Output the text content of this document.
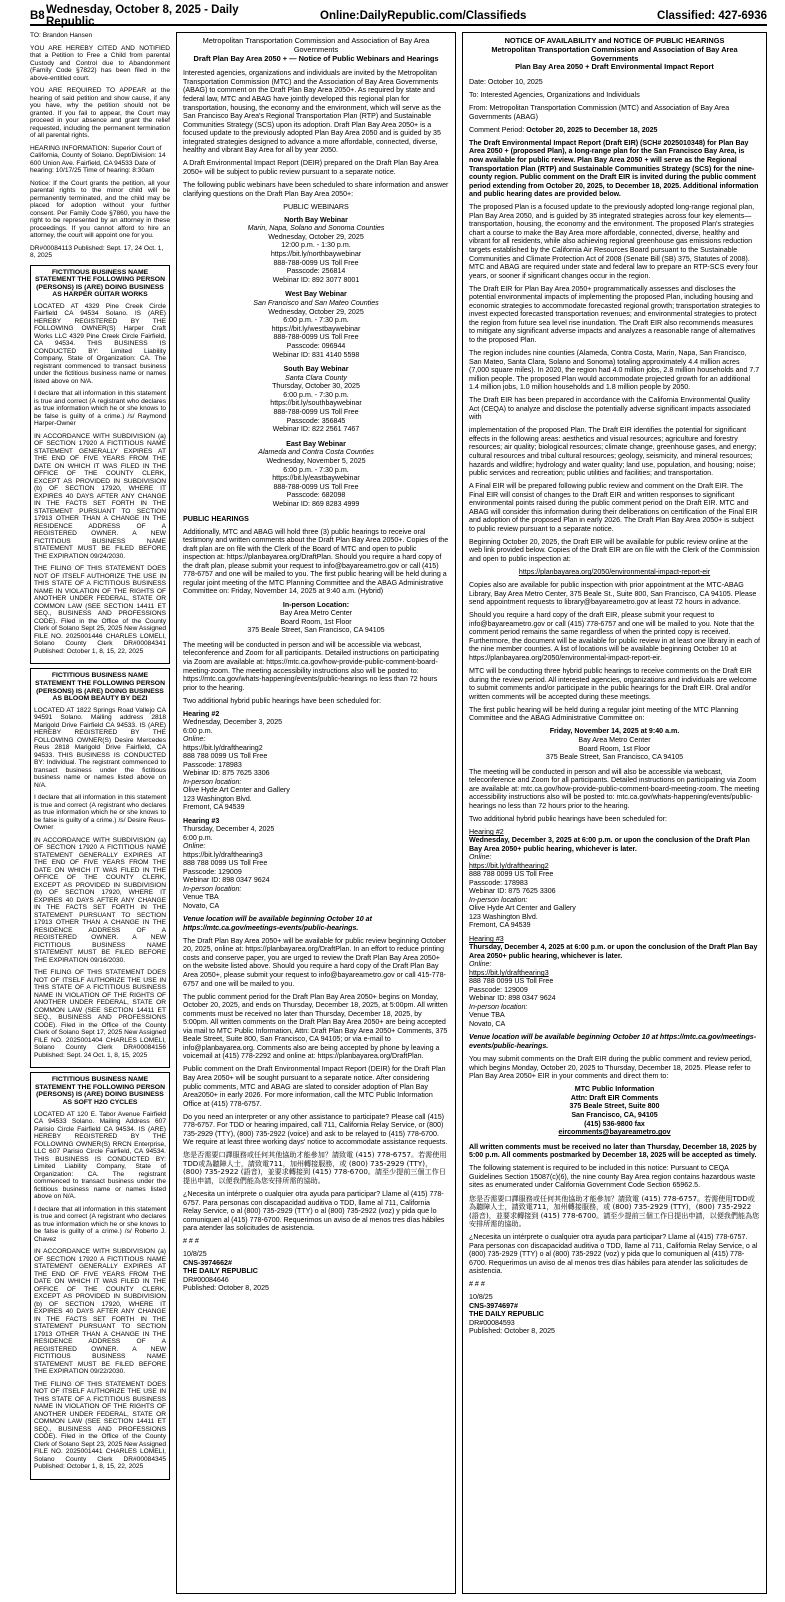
B8 Wednesday, October 8, 2025 - Daily Republic	Online:DailyRepublic.com/Classifieds	Classified: 427-6936

TO: Brandon Hansen

YOU ARE HEREBY CITED AND NOTIFIED that a Petition to Free a Child from parental Custody and Control due to Abandonment (Family Code §7822) has been filed in the above-entitled court.

YOU ARE REQUIRED TO APPEAR at the hearing of said petition and show cause, if any you have, why the petition should not be granted. If you fail to appear, the Court may proceed in your absence and grant the relief requested, including the permanent termination of all parental rights.

HEARING INFORMATION: Superior Court of California, County of Solano. Dept/Division: 14 600 Union Ave. Fairfield, CA 94533 Date of hearing: 10/17/25 Time of hearing: 8:30am

Notice: If the Court grants the petition, all your parental rights to the minor child will be permanently terminated, and the child may be placed for adoption without your further consent. Per Family Code §7860, you have the right to be represented by an attorney in these proceedings. If you cannot afford to hire an attorney, the court will appoint one for you.

DR#00084113 Published: Sept. 17, 24 Oct. 1, 8, 2025

FICTITIOUS BUSINESS NAME STATEMENT THE FOLLOWING PERSON (PERSONS) IS (ARE) DOING BUSINESS AS HARPER GUITAR WORKS

LOCATED AT 4329 Pine Creek Circle Fairfield CA 94534 Solano. IS (ARE) HEREBY REGISTERED BY THE FOLLOWING OWNER(S) Harper Craft Works LLC 4329 Pine Creek Circle Fairfield, CA 94534. THIS BUSINESS IS CONDUCTED BY: Limited Liability Company, State of Organization: CA. The registrant commenced to transact business under the fictitious business name or names listed above on N/A.

I declare that all information in this statement is true and correct (A registrant who declares as true information which he or she knows to be false is guilty of a crime.) /s/ Raymond Harper-Owner

IN ACCORDANCE WITH SUBDIVISION (a) OF SECTION 17920 A FICTITIOUS NAME STATEMENT GENERALLY EXPIRES AT THE END OF FIVE YEARS FROM THE DATE ON WHICH IT WAS FILED IN THE OFFICE OF THE COUNTY CLERK, EXCEPT AS PROVIDED IN SUBDIVISION (b) OF SECTION 17920, WHERE IT EXPIRES 40 DAYS AFTER ANY CHANGE IN THE FACTS SET FORTH IN THE STATEMENT PURSUANT TO SECTION 17913 OTHER THAN A CHANGE IN THE RESIDENCE ADDRESS OF A REGISTERED OWNER. A NEW FICTITIOUS BUSINESS NAME STATEMENT MUST BE FILED BEFORE THE EXPIRATION 09/24/2030.

THE FILING OF THIS STATEMENT DOES NOT OF ITSELF AUTHORIZE THE USE IN THIS STATE OF A FICTITIOUS BUSINESS NAME IN VIOLATION OF THE RIGHTS OF ANOTHER UNDER FEDERAL, STATE OR COMMON LAW (SEE SECTION 14411 ET SEQ., BUSINESS AND PROFESSIONS CODE). Filed in the Office of the County Clerk of Solano Sept 25, 2025 New Assigned FILE NO. 2025001446 CHARLES LOMELI, Solano County Clerk DR#00084341 Published: October 1, 8, 15, 22, 2025

FICTITIOUS BUSINESS NAME STATEMENT THE FOLLOWING PERSON (PERSONS) IS (ARE) DOING BUSINESS AS BLOOM BEAUTY BY DEZI

LOCATED AT 1822 Springs Road Vallejo CA 94591 Solano. Mailing address 2818 Marigold Drive Fairfield CA 94533. IS (ARE) HEREBY REGISTERED BY THE FOLLOWING OWNER(S) Desire Mercedes Reus 2818 Marigold Drive Fairfield, CA 94533. THIS BUSINESS IS CONDUCTED BY: Individual. The registrant commenced to transact business under the fictitious business name or names listed above on N/A.

I declare that all information in this statement is true and correct (A registrant who declares as true information which he or she knows to be false is guilty of a crime.) /s/ Desire Reus-Owner

IN ACCORDANCE WITH SUBDIVISION (a) OF SECTION 17920 A FICTITIOUS NAME STATEMENT GENERALLY EXPIRES AT THE END OF FIVE YEARS FROM THE DATE ON WHICH IT WAS FILED IN THE OFFICE OF THE COUNTY CLERK, EXCEPT AS PROVIDED IN SUBDIVISION (b) OF SECTION 17920, WHERE IT EXPIRES 40 DAYS AFTER ANY CHANGE IN THE FACTS SET FORTH IN THE STATEMENT PURSUANT TO SECTION 17913 OTHER THAN A CHANGE IN THE RESIDENCE ADDRESS OF A REGISTERED OWNER. A NEW FICTITIOUS BUSINESS NAME STATEMENT MUST BE FILED BEFORE THE EXPIRATION 09/16/2030.

THE FILING OF THIS STATEMENT DOES NOT OF ITSELF AUTHORIZE THE USE IN THIS STATE OF A FICTITIOUS BUSINESS NAME IN VIOLATION OF THE RIGHTS OF ANOTHER UNDER FEDERAL, STATE OR COMMON LAW (SEE SECTION 14411 ET SEQ., BUSINESS AND PROFESSIONS CODE). Filed in the Office of the County Clerk of Solano Sept 17, 2025 New Assigned FILE NO. 2025001404 CHARLES LOMELI, Solano County Clerk DR#00084156 Published: Sept. 24 Oct. 1, 8, 15, 2025

FICTITIOUS BUSINESS NAME STATEMENT THE FOLLOWING PERSON (PERSONS) IS (ARE) DOING BUSINESS AS SOFT H2O CYCLES

LOCATED AT 120 E. Tabor Avenue Fairfield CA 94533 Solano. Mailing Address 607 Parisio Circle Fairfield CA 94534. IS (ARE) HEREBY REGISTERED BY THE FOLLOWING OWNER(S) RRCN Enterprise, LLC 607 Parisio Circle Fairfield, CA 94534. THIS BUSINESS IS CONDUCTED BY: Limited Liability Company, State of Organization: CA. The registrant commenced to transact business under the fictitious business name or names listed above on N/A.

I declare that all information in this statement is true and correct (A registrant who declares as true information which he or she knows to be false is guilty of a crime.) /s/ Roberto J. Chavez

IN ACCORDANCE WITH SUBDIVISION (a) OF SECTION 17920 A FICTITIOUS NAME STATEMENT GENERALLY EXPIRES AT THE END OF FIVE YEARS FROM THE DATE ON WHICH IT WAS FILED IN THE OFFICE OF THE COUNTY CLERK, EXCEPT AS PROVIDED IN SUBDIVISION (b) OF SECTION 17920, WHERE IT EXPIRES 40 DAYS AFTER ANY CHANGE IN THE FACTS SET FORTH IN THE STATEMENT PURSUANT TO SECTION 17913 OTHER THAN A CHANGE IN THE RESIDENCE ADDRESS OF A REGISTERED OWNER. A NEW FICTITIOUS BUSINESS NAME STATEMENT MUST BE FILED BEFORE THE EXPIRATION 09/22/2030.

THE FILING OF THIS STATEMENT DOES NOT OF ITSELF AUTHORIZE THE USE IN THIS STATE OF A FICTITIOUS BUSINESS NAME IN VIOLATION OF THE RIGHTS OF ANOTHER UNDER FEDERAL, STATE OR COMMON LAW (SEE SECTION 14411 ET SEQ., BUSINESS AND PROFESSIONS CODE). Filed in the Office of the County Clerk of Solano Sept 23, 2025 New Assigned FILE NO. 2025001441 CHARLES LOMELI, Solano County Clerk DR#00084345 Published: October 1, 8, 15, 22, 2025

Metropolitan Transportation Commission and Association of Bay Area Governments
Draft Plan Bay Area 2050 + — Notice of Public Webinars and Hearings

Interested agencies, organizations and individuals are invited by the Metropolitan Transportation Commission (MTC) and the Association of Bay Area Governments (ABAG) to comment on the Draft Plan Bay Area 2050+. As required by state and federal law, MTC and ABAG have jointly developed this regional plan for transportation, housing, the economy and the environment, which will serve as the San Francisco Bay Area's Regional Transportation Plan (RTP) and Sustainable Communities Strategy (SCS) upon its adoption. Draft Plan Bay Area 2050+ is a focused update to the previously adopted Plan Bay Area 2050 and is guided by 35 integrated strategies designed to advance a more affordable, connected, diverse, healthy and vibrant Bay Area for all by year 2050.

A Draft Environmental Impact Report (DEIR) prepared on the Draft Plan Bay Area 2050+ will be subject to public review pursuant to a separate notice.

The following public webinars have been scheduled to share information and answer clarifying questions on the Draft Plan Bay Area 2050+:

PUBLIC WEBINARS

North Bay Webinar
Marin, Napa, Solano and Sonoma Counties
Wednesday, October 29, 2025
12:00 p.m. - 1:30 p.m.
https://bit.ly/northbaywebinar
888-788-0099 US Toll Free
Passcode: 256814
Webinar ID: 892 3077 8001
West Bay Webinar
San Francisco and San Mateo Counties
Wednesday, October 29, 2025
6:00 p.m. - 7:30 p.m.
https://bit.ly/westbaywebinar
888-788-0099 US Toll Free
Passcode: 096944
Webinar ID: 831 4140 5598
South Bay Webinar
Santa Clara County
Thursday, October 30, 2025
6:00 p.m. - 7:30 p.m.
https://bit.ly/southbaywebinar
888-788-0099 US Toll Free
Passcode: 356845
Webinar ID: 822 2561 7467
East Bay Webinar
Alameda and Contra Costa Counties
Wednesday, November 5, 2025
6:00 p.m. - 7:30 p.m.
https://bit.ly/eastbaywebinar
888-788-0099 US Toll Free
Passcode: 682098
Webinar ID: 869 8283 4999

PUBLIC HEARINGS

Additionally, MTC and ABAG will hold three (3) public hearings to receive oral testimony and written comments about the Draft Plan Bay Area 2050+. Copies of the draft plan are on file with the Clerk of the Board of MTC and open to public inspection at: https://planbayarea.org/DraftPlan. Should you require a hard copy of the draft plan, please submit your request to info@bayareametro.gov or call (415) 778-6757 and one will be mailed to you. The first public hearing will be held during a regular joint meeting of the MTC Planning Committee and the ABAG Administrative Committee on: Friday, November 14, 2025 at 9:40 a.m. (Hybrid)

In-person Location:
Bay Area Metro Center
Board Room, 1st Floor
375 Beale Street, San Francisco, CA 94105

The meeting will be conducted in person and will be accessible via webcast, teleconference and Zoom for all participants. Detailed instructions on participating via Zoom are available at: https://mtc.ca.gov/how-provide-public-comment-board-meeting-zoom. The meeting accessibility instructions also will be posted to: https://mtc.ca.gov/whats-happening/events/public-hearings no less than 72 hours prior to the hearing.

Two additional hybrid public hearings have been scheduled for:

Hearing #2
Wednesday, December 3, 2025
6:00 p.m.
Online:
https://bit.ly/drafthearing2
888 788 0099 US Toll Free
Passcode: 178983
Webinar ID: 875 7625 3306
In-person location:
Olive Hyde Art Center and Gallery
123 Washington Blvd.
Fremont, CA 94539
Hearing #3
Thursday, December 4, 2025
6:00 p.m.
Online:
https://bit.ly/drafthearing3
888 788 0099 US Toll Free
Passcode: 129009
Webinar ID: 898 0347 9624
In-person location:
Venue TBA
Novato, CA

Venue location will be available beginning October 10 at https://mtc.ca.gov/meetings-events/public-hearings.

The Draft Plan Bay Area 2050+ will be available for public review beginning October 20, 2025, online at: https://planbayarea.org/DraftPlan. In an effort to reduce printing costs and conserve paper, you are urged to review the Draft Plan Bay Area 2050+ on the website listed above. Should you require a hard copy of the Draft Plan Bay Area 2050+, please submit your request to info@bayareametro.gov or call 415-778-6757 and one will be mailed to you.

The public comment period for the Draft Plan Bay Area 2050+ begins on Monday, October 20, 2025, and ends on Thursday, December 18, 2025, at 5:00pm. All written comments must be received no later than Thursday, December 18, 2025, by 5:00pm. All written comments on the Draft Plan Bay Area 2050+ are being accepted via mail to MTC Public Information, Attn: Draft Plan Bay Area 2050+ Comments, 375 Beale Street, Suite 800, San Francisco, CA 94105; or via e-mail to info@planbayarea.org. Comments also are being accepted by phone by leaving a voicemail at (415) 778-2292 and online at: https://planbayarea.org/DraftPlan.

Public comment on the Draft Environmental Impact Report (DEIR) for the Draft Plan Bay Area 2050+ will be sought pursuant to a separate notice. After considering public comments, MTC and ABAG are slated to consider adoption of Plan Bay Area2050+ in early 2026. For more information, call the MTC Public Information Office at (415) 778-6757.

Do you need an interpreter or any other assistance to participate? Please call (415) 778-6757. For TDD or hearing impaired, call 711, California Relay Service, or (800) 735-2929 (TTY), (800) 735-2922 (voice) and ask to be relayed to (415) 778-6700. We require at least three working days' notice to accommodate assistance requests.

您是否需要口譯服務或任何其他協助才能參加？請致電 (415) 778-6757。若需使用TDD或為聽障人士，請致電711，加州轉接服務，或 (800) 735-2929 (TTY)，(800) 735-2922 (語音)，並要求轉接到 (415) 778-6700。請至少提前三個工作日提出申請，以便我們能為您安排所需的協助。

¿Necesita un intérprete o cualquier otra ayuda para participar? Llame al (415) 778-6757. Para personas con discapacidad auditiva o TDD, llame al 711, California Relay Service, o al (800) 735-2929 (TTY) o al (800) 735-2922 (voz) y pida que lo comuniquen al (415) 778-6700. Requerimos un aviso de al menos tres días hábiles para atender las solicitudes de asistencia.

# # #

10/8/25
CNS-3974662#
THE DAILY REPUBLIC
DR#00084646
Published: October 8, 2025
NOTICE OF AVAILABILITY and NOTICE OF PUBLIC HEARINGS
Metropolitan Transportation Commission and Association of Bay Area Governments
Plan Bay Area 2050 + Draft Environmental Impact Report

Date: October 10, 2025

To: Interested Agencies, Organizations and Individuals

From: Metropolitan Transportation Commission (MTC) and Association of Bay Area Governments (ABAG)

Comment Period: October 20, 2025 to December 18, 2025

The Draft Environmental Impact Report (Draft EIR) (SCH# 2025010348) for Plan Bay Area 2050 + (proposed Plan), a long-range plan for the San Francisco Bay Area, is now available for public review. Plan Bay Area 2050 + will serve as the Regional Transportation Plan (RTP) and Sustainable Communities Strategy (SCS) for the nine-county region. Public comment on the Draft EIR is invited during the public comment period extending from October 20, 2025, to December 18, 2025. Additional information and public hearing dates are provided below.

The proposed Plan is a focused update to the previously adopted long-range regional plan, Plan Bay Area 2050, and is guided by 35 integrated strategies across four key elements—transportation, housing, the economy and the environment. The proposed Plan's strategies chart a course to make the Bay Area more affordable, connected, diverse, healthy and vibrant for all residents, while also achieving regional greenhouse gas emissions reduction targets established by the California Air Resources Board pursuant to the Sustainable Communities and Climate Protection Act of 2008 (Senate Bill (SB) 375, Statutes of 2008). MTC and ABAG are required under state and federal law to prepare an RTP-SCS every four years, or sooner if significant changes occur in the region.

The Draft EIR for Plan Bay Area 2050+ programmatically assesses and discloses the potential environmental impacts of implementing the proposed Plan, including housing and economic strategies to accommodate forecasted regional growth; transportation strategies to invest expected forecasted transportation revenues; and environmental strategies to protect the region from future sea level rise inundation. The Draft EIR also recommends measures to mitigate any significant adverse impacts and analyzes a reasonable range of alternatives to the proposed Plan.

The region includes nine counties (Alameda, Contra Costa, Marin, Napa, San Francisco, San Mateo, Santa Clara, Solano and Sonoma) totaling approximately 4.4 million acres (7,000 square miles). In 2020, the region had 4.0 million jobs, 2.8 million households and 7.7 million people. The proposed Plan would accommodate projected growth for an additional 1.4 million jobs, 1.0 million households and 1.8 million people by 2050.

The Draft EIR has been prepared in accordance with the California Environmental Quality Act (CEQA) to analyze and disclose the potentially adverse significant impacts associated with

implementation of the proposed Plan. The Draft EIR identifies the potential for significant effects in the following areas: aesthetics and visual resources; agriculture and forestry resources; air quality; biological resources; climate change, greenhouse gases, and energy; cultural resources and tribal cultural resources; geology, seismicity, and mineral resources; hazards and wildfire; hydrology and water quality; land use, population, and housing; noise; public services and recreation; public utilities and facilities; and transportation.

A Final EIR will be prepared following public review and comment on the Draft EIR. The Final EIR will consist of changes to the Draft EIR and written responses to significant environmental points raised during the public comment period on the Draft EIR. MTC and ABAG will consider this information during their deliberations on certification of the Final EIR and adoption of the proposed Plan in early 2026. The Draft Plan Bay Area 2050+ is subject to public review pursuant to a separate notice.

Beginning October 20, 2025, the Draft EIR will be available for public review online at the web link provided below. Copies of the Draft EIR are on file with the Clerk of the Commission and open to public inspection at:

https://planbayarea.org/2050/environmental-impact-report-eir

Copies also are available for public inspection with prior appointment at the MTC-ABAG Library, Bay Area Metro Center, 375 Beale St., Suite 800, San Francisco, CA 94105. Please send appointment requests to library@bayareametro.gov at least 72 hours in advance.

Should you require a hard copy of the draft EIR, please submit your request to info@bayareametro.gov or call (415) 778-6757 and one will be mailed to you. Note that the comment period remains the same regardless of when the printed copy is received. Furthermore, the document will be available for public review in at least one library in each of the nine member counties. A list of locations will be available beginning October 10 at https://planbayarea.org/2050/environmental-impact-report-eir.

MTC will be conducting three hybrid public hearings to receive comments on the Draft EIR during the review period. All interested agencies, organizations and individuals are welcome to submit comments and/or participate in the public hearings for the Draft EIR. Oral and/or written comments will be accepted during these meetings.

The first public hearing will be held during a regular joint meeting of the MTC Planning Committee and the ABAG Administrative Committee on:

Friday, November 14, 2025 at 9:40 a.m.
Bay Area Metro Center
Board Room, 1st Floor
375 Beale Street, San Francisco, CA 94105

The meeting will be conducted in person and will also be accessible via webcast, teleconference and Zoom for all participants. Detailed instructions on participating via Zoom are available at: mtc.ca.gov/how-provide-public-comment-board-meeting-zoom. The meeting accessibility instructions also will be posted to: mtc.ca.gov/whats-happening/events/public-hearings no less than 72 hours prior to the hearing.

Two additional hybrid public hearings have been scheduled for:

Hearing #2
Wednesday, December 3, 2025 at 6:00 p.m. or upon the conclusion of the Draft Plan Bay Area 2050+ public hearing, whichever is later.
Online:
https://bit.ly/drafthearing2
888 788 0099 US Toll Free
Passcode: 178983
Webinar ID: 875 7625 3306
In-person location:
Olive Hyde Art Center and Gallery
123 Washington Blvd.
Fremont, CA 94539
Hearing #3
Thursday, December 4, 2025 at 6:00 p.m. or upon the conclusion of the Draft Plan Bay Area 2050+ public hearing, whichever is later.
Online:
https://bit.ly/drafthearing3
888 788 0099 US Toll Free
Passcode: 129009
Webinar ID: 898 0347 9624
In-person location:
Venue TBA
Novato, CA

Venue location will be available beginning October 10 at https://mtc.ca.gov/meetings-events/public-hearings.

You may submit comments on the Draft EIR during the public comment and review period, which begins Monday, October 20, 2025 to Thursday, December 18, 2025. Please refer to Plan Bay Area 2050+ EIR in your comments and direct them to:

MTC Public Information
Attn: Draft EIR Comments
375 Beale Street, Suite 800
San Francisco, CA, 94105
(415) 536-9800 fax
eircomments@bayareametro.gov

All written comments must be received no later than Thursday, December 18, 2025 by 5:00 p.m. All comments postmarked by December 18, 2025 will be accepted as timely.

The following statement is required to be included in this notice: Pursuant to CEQA Guidelines Section 15087(c)(6), the nine county Bay Area region contains hazardous waste sites as enumerated under California Government Code Section 65962.5.

您是否需要口譯服務或任何其他協助才能參加？請致電 (415) 778-6757。若需使用TDD或為聽障人士，請致電711，加州轉接服務，或 (800) 735-2929 (TTY)，(800) 735-2922 (語音)，並要求轉接到 (415) 778-6700。請至少提前三個工作日提出申請，以便我們能為您安排所需的協助。

¿Necesita un intérprete o cualquier otra ayuda para participar? Llame al (415) 778-6757. Para personas con discapacidad auditiva o TDD, llame al 711, California Relay Service, o al (800) 735-2929 (TTY) o al (800) 735-2922 (voz) y pida que lo comuniquen al (415) 778-6700. Requerimos un aviso de al menos tres días hábiles para atender las solicitudes de asistencia.

# # #

10/8/25
CNS-3974697#
THE DAILY REPUBLIC
DR#00084593
Published: October 8, 2025
